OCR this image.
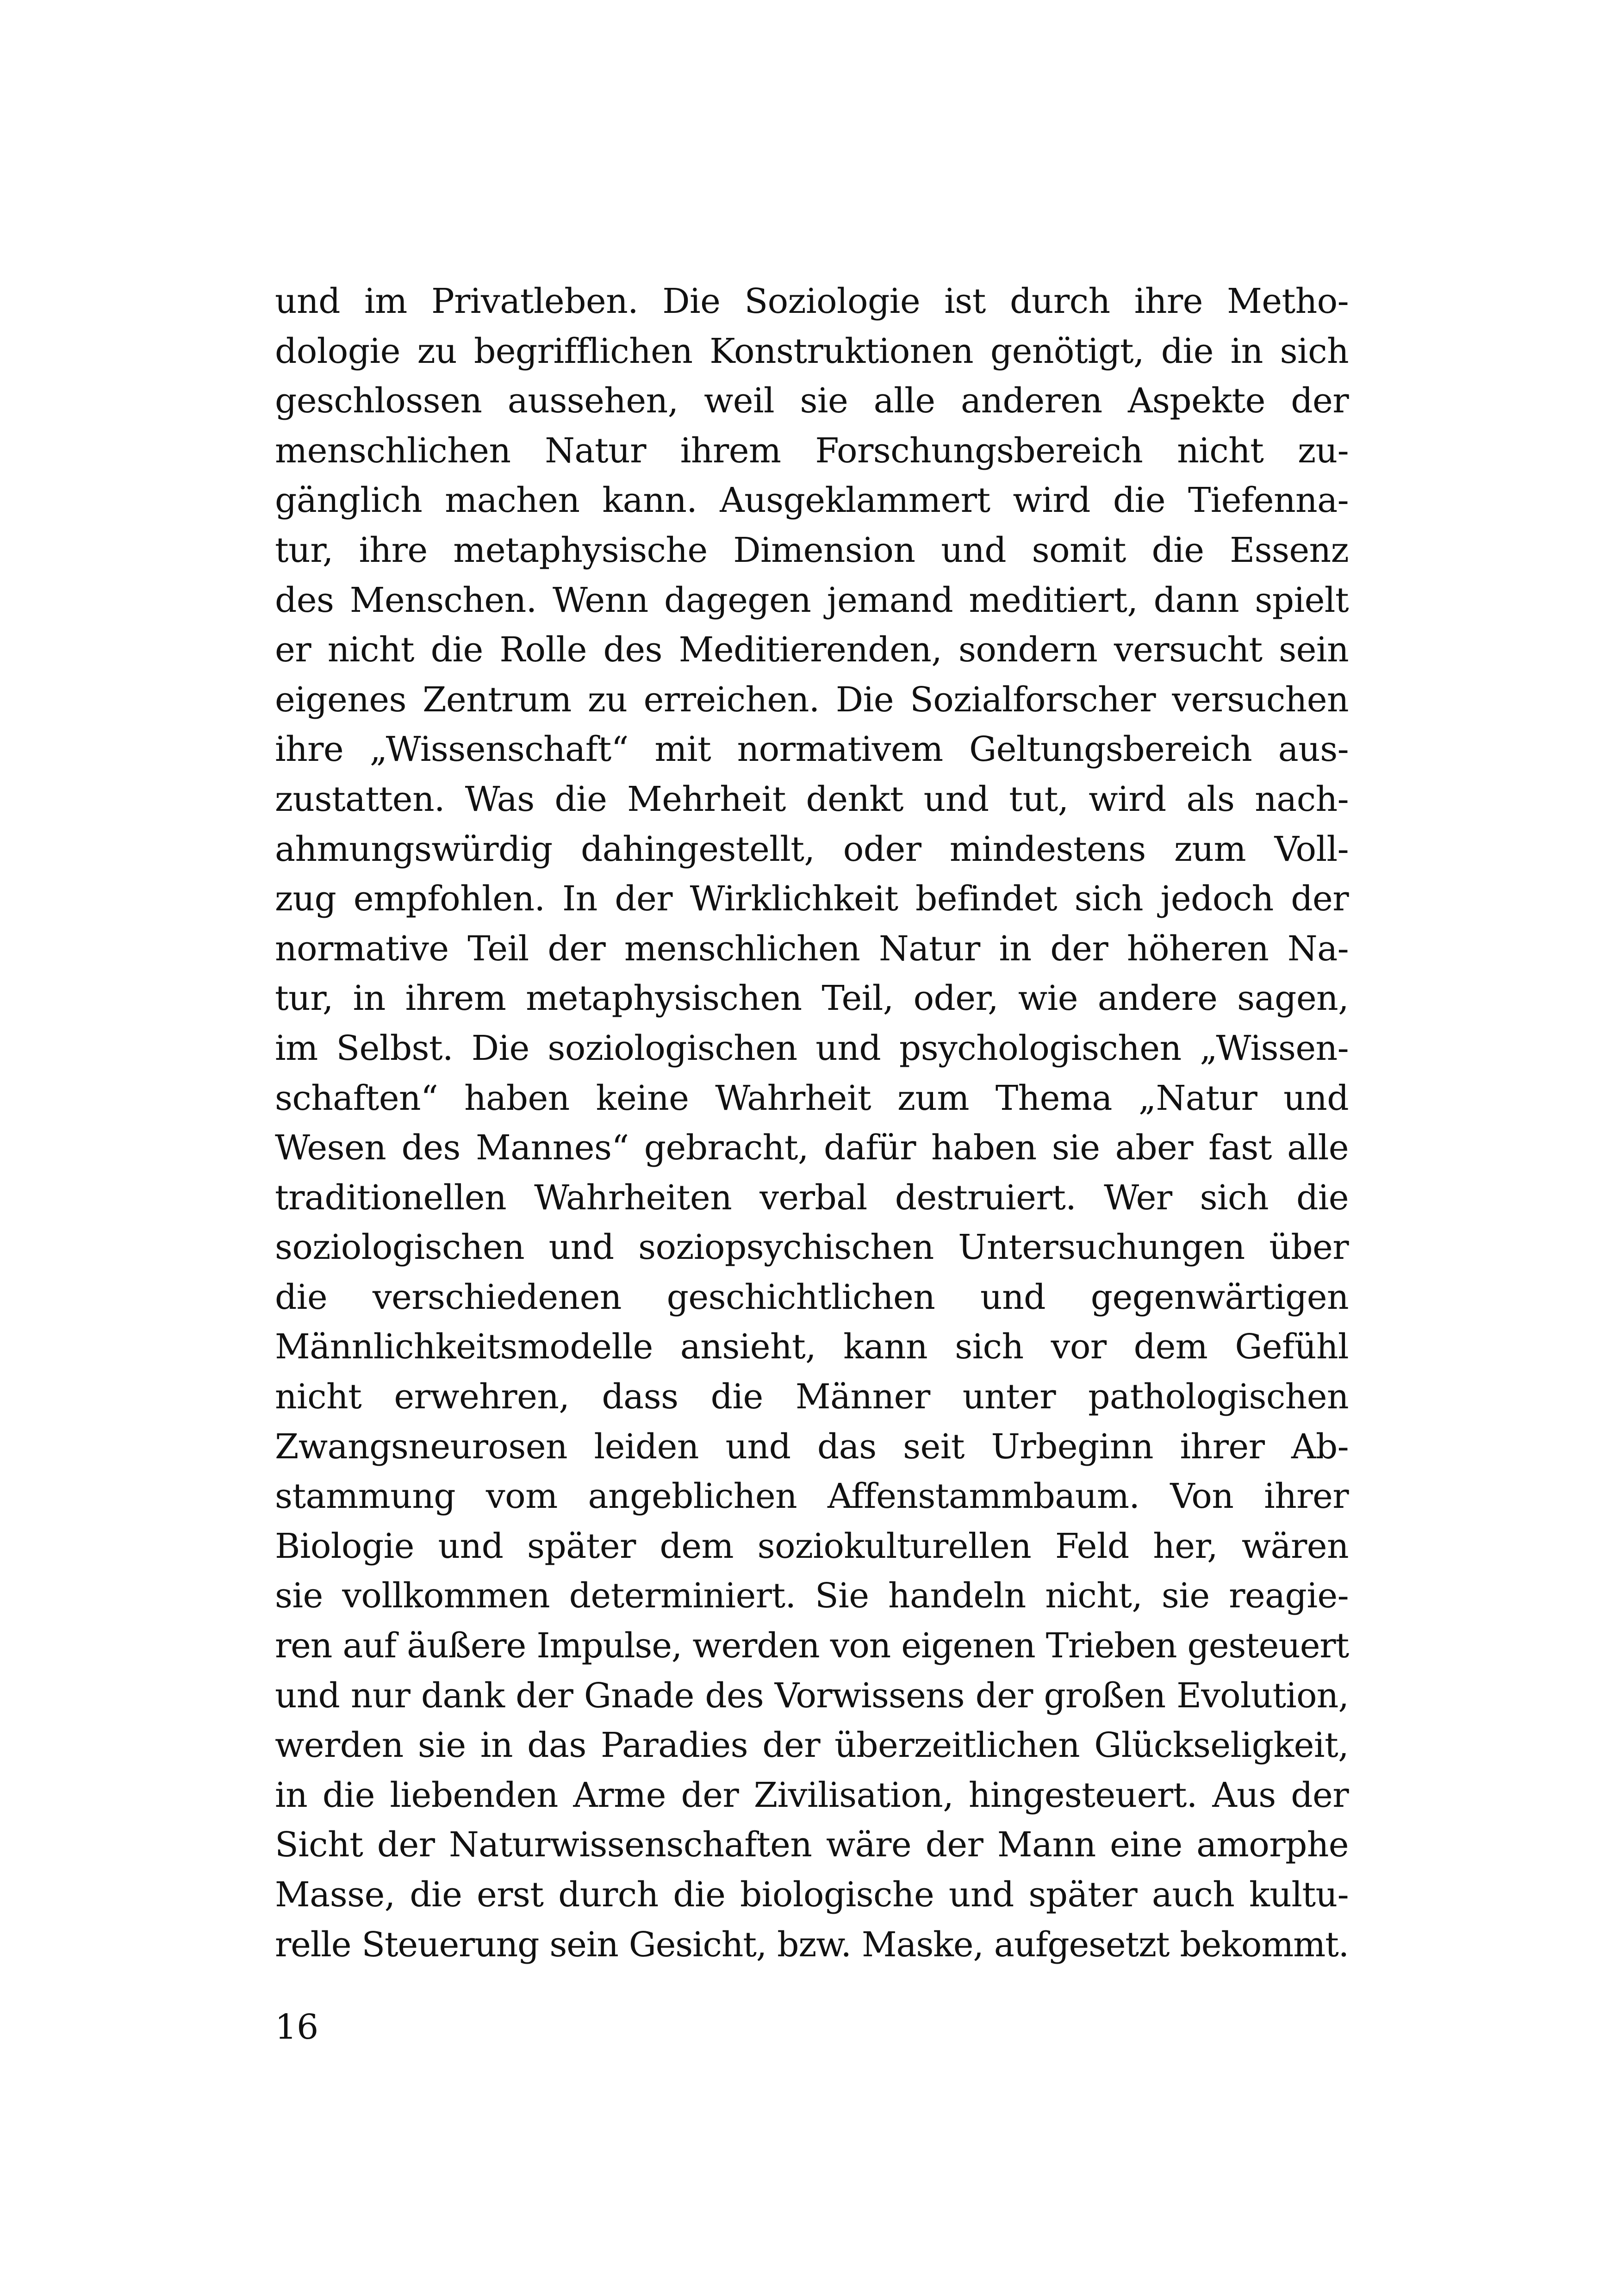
und im Privatleben. Die Soziologie ist durch ihre Metho-
dologie zu begrifflichen Konstruktionen genötigt, die in sich
geschlossen aussehen, weil sie alle anderen Aspekte der
menschlichen Natur ihrem Forschungsbereich nicht zu-
gänglich machen kann. Ausgeklammert wird die Tiefenna-
tur, ihre metaphysische Dimension und somit die Essenz
des Menschen. Wenn dagegen jemand meditiert, dann spielt
er nicht die Rolle des Meditierenden, sondern versucht sein
eigenes Zentrum zu erreichen. Die Sozialforscher versuchen
ihre „Wissenschaft“ mit normativem Geltungsbereich aus-
zustatten. Was die Mehrheit denkt und tut, wird als nach-
ahmungswürdig dahingestellt, oder mindestens zum Voll-
zug empfohlen. In der Wirklichkeit befindet sich jedoch der
normative Teil der menschlichen Natur in der höheren Na-
tur, in ihrem metaphysischen Teil, oder, wie andere sagen,
im Selbst. Die soziologischen und psychologischen „Wissen-
schaften“ haben keine Wahrheit zum Thema „Natur und
Wesen des Mannes“ gebracht, dafür haben sie aber fast alle
traditionellen Wahrheiten verbal destruiert. Wer sich die
soziologischen und soziopsychischen Untersuchungen über
die verschiedenen geschichtlichen und gegenwärtigen
Männlichkeitsmodelle ansieht, kann sich vor dem Gefühl
nicht erwehren, dass die Männer unter pathologischen
Zwangsneurosen leiden und das seit Urbeginn ihrer Ab-
stammung vom angeblichen Affenstammbaum. Von ihrer
Biologie und später dem soziokulturellen Feld her, wären
sie vollkommen determiniert. Sie handeln nicht, sie reagie-
ren auf äußere Impulse, werden von eigenen Trieben gesteuert
und nur dank der Gnade des Vorwissens der großen Evolution,
werden sie in das Paradies der überzeitlichen Glückseligkeit,
in die liebenden Arme der Zivilisation, hingesteuert. Aus der
Sicht der Naturwissenschaften wäre der Mann eine amorphe
Masse, die erst durch die biologische und später auch kultu-
relle Steuerung sein Gesicht, bzw. Maske, aufgesetzt bekommt.

16
